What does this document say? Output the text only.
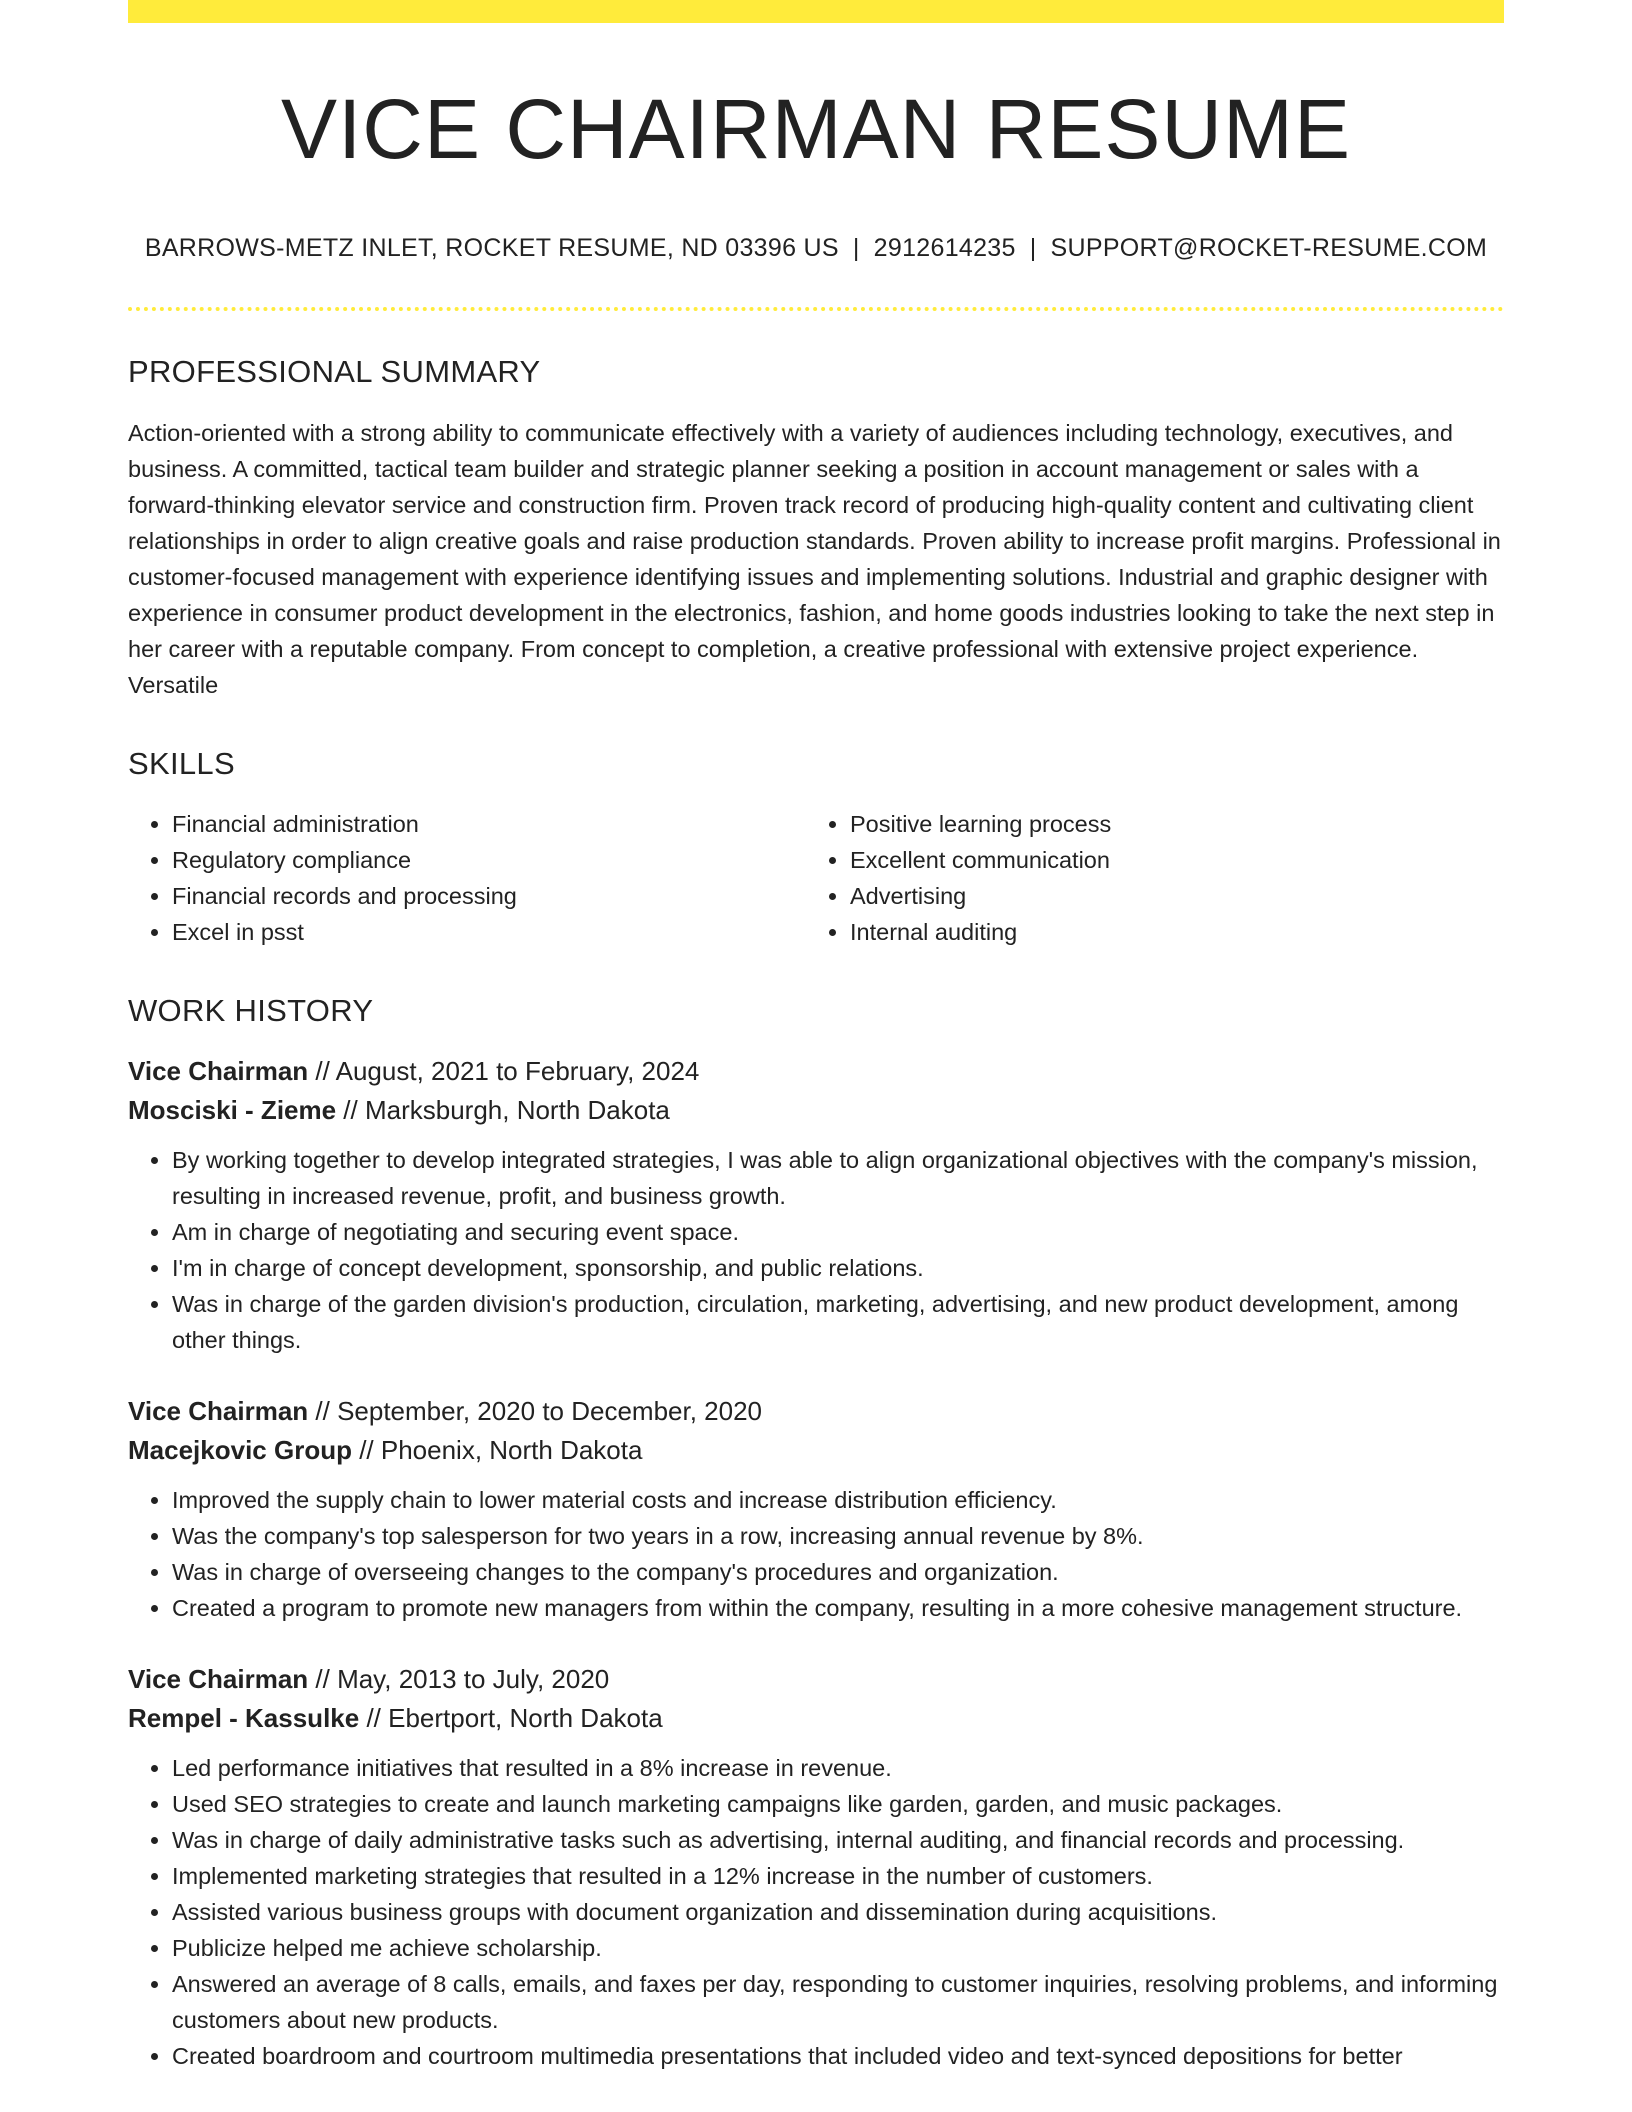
VICE CHAIRMAN RESUME
BARROWS-METZ INLET, ROCKET RESUME, ND 03396 US | 2912614235 | SUPPORT@ROCKET-RESUME.COM
PROFESSIONAL SUMMARY
Action-oriented with a strong ability to communicate effectively with a variety of audiences including technology, executives, and business. A committed, tactical team builder and strategic planner seeking a position in account management or sales with a forward-thinking elevator service and construction firm. Proven track record of producing high-quality content and cultivating client relationships in order to align creative goals and raise production standards. Proven ability to increase profit margins. Professional in customer-focused management with experience identifying issues and implementing solutions. Industrial and graphic designer with experience in consumer product development in the electronics, fashion, and home goods industries looking to take the next step in her career with a reputable company. From concept to completion, a creative professional with extensive project experience. Versatile
SKILLS
• Financial administration
• Regulatory compliance
• Financial records and processing
• Excel in psst
• Positive learning process
• Excellent communication
• Advertising
• Internal auditing
WORK HISTORY
Vice Chairman // August, 2021 to February, 2024
Mosciski - Zieme // Marksburgh, North Dakota
• By working together to develop integrated strategies, I was able to align organizational objectives with the company's mission, resulting in increased revenue, profit, and business growth.
• Am in charge of negotiating and securing event space.
• I'm in charge of concept development, sponsorship, and public relations.
• Was in charge of the garden division's production, circulation, marketing, advertising, and new product development, among other things.
Vice Chairman // September, 2020 to December, 2020
Macejkovic Group // Phoenix, North Dakota
• Improved the supply chain to lower material costs and increase distribution efficiency.
• Was the company's top salesperson for two years in a row, increasing annual revenue by 8%.
• Was in charge of overseeing changes to the company's procedures and organization.
• Created a program to promote new managers from within the company, resulting in a more cohesive management structure.
Vice Chairman // May, 2013 to July, 2020
Rempel - Kassulke // Ebertport, North Dakota
• Led performance initiatives that resulted in a 8% increase in revenue.
• Used SEO strategies to create and launch marketing campaigns like garden, garden, and music packages.
• Was in charge of daily administrative tasks such as advertising, internal auditing, and financial records and processing.
• Implemented marketing strategies that resulted in a 12% increase in the number of customers.
• Assisted various business groups with document organization and dissemination during acquisitions.
• Publicize helped me achieve scholarship.
• Answered an average of 8 calls, emails, and faxes per day, responding to customer inquiries, resolving problems, and informing customers about new products.
• Created boardroom and courtroom multimedia presentations that included video and text-synced depositions for better
